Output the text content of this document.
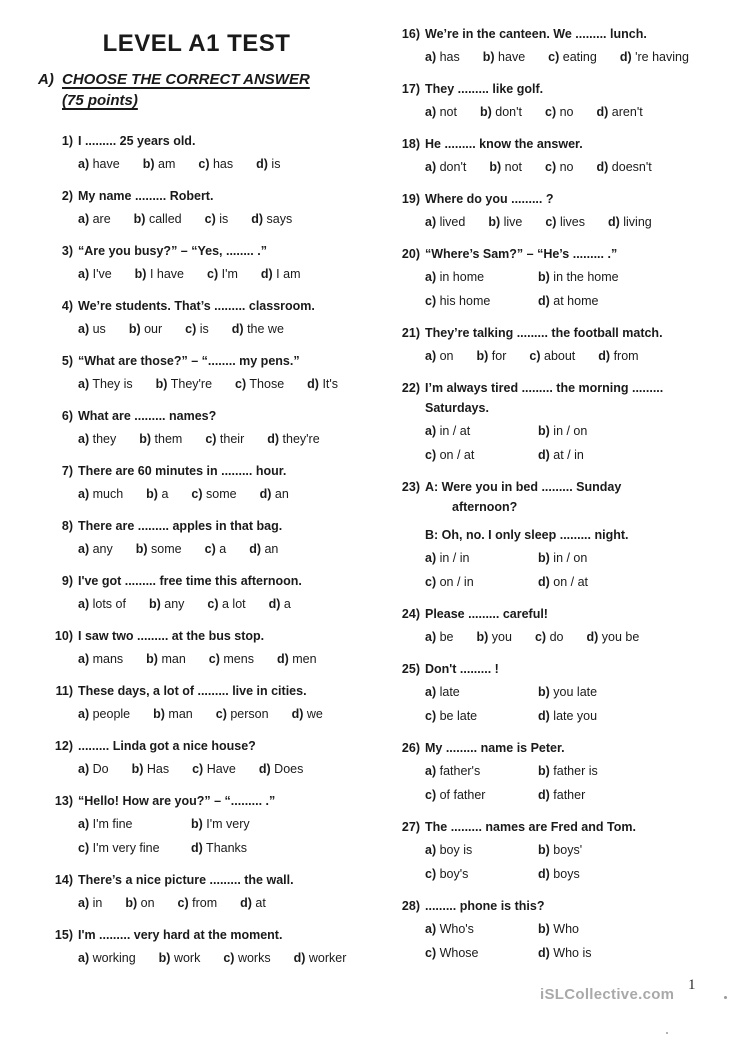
LEVEL A1 TEST
A) CHOOSE THE CORRECT ANSWER
(75 points)
1) I ......... 25 years old.
a) have b) am c) has d) is
2) My name ......... Robert.
a) are b) called c) is d) says
3) “Are you busy?” – “Yes, ........ .”
a) I've b) I have c) I'm d) I am
4) We’re students. That’s ......... classroom.
a) us b) our c) is d) the we
5) “What are those?” – “........ my pens.”
a) They is b) They're c) Those d) It's
6) What are ......... names?
a) they b) them c) their d) they're
7) There are 60 minutes in ......... hour.
a) much b) a c) some d) an
8) There are ......... apples in that bag.
a) any b) some c) a d) an
9) I've got ......... free time this afternoon.
a) lots of b) any c) a lot d) a
10) I saw two ......... at the bus stop.
a) mans b) man c) mens d) men
11) These days, a lot of ......... live in cities.
a) people b) man c) person d) we
12) ......... Linda got a nice house?
a) Do b) Has c) Have d) Does
13) “Hello! How are you?” – “......... .”
a) I'm fine	b) I'm very
c) I'm very fine	d) Thanks
14) There’s a nice picture ......... the wall.
a) in b) on c) from d) at
15) I'm ......... very hard at the moment.
a) working b) work c) works d) worker
16) We’re in the canteen. We ......... lunch.
a) has b) have c) eating d) 're having
17) They ......... like golf.
a) not b) don't c) no d) aren't
18) He ......... know the answer.
a) don't b) not c) no d) doesn't
19) Where do you ......... ?
a) lived b) live c) lives d) living
20) “Where’s Sam?” – “He’s ......... .”
a) in home	b) in the home
c) his home	d) at home
21) They’re talking ......... the football match.
a) on b) for c) about d) from
22) I’m always tired ......... the morning .........
Saturdays.
a) in / at	b) in / on
c) on / at	d) at / in
23) A: Were you in bed ......... Sunday
afternoon?
B: Oh, no. I only sleep ......... night.
a) in / in	b) in / on
c) on / in	d) on / at
24) Please ......... careful!
a) be b) you c) do d) you be
25) Don't ......... !
a) late	b) you late
c) be late	d) late you
26) My ......... name is Peter.
a) father's	b) father is
c) of father	d) father
27) The ......... names are Fred and Tom.
a) boy is	b) boys'
c) boy's	d) boys
28) ......... phone is this?
a) Who's	b) Who
c) Whose	d) Who is
iSLCollective.com
1
